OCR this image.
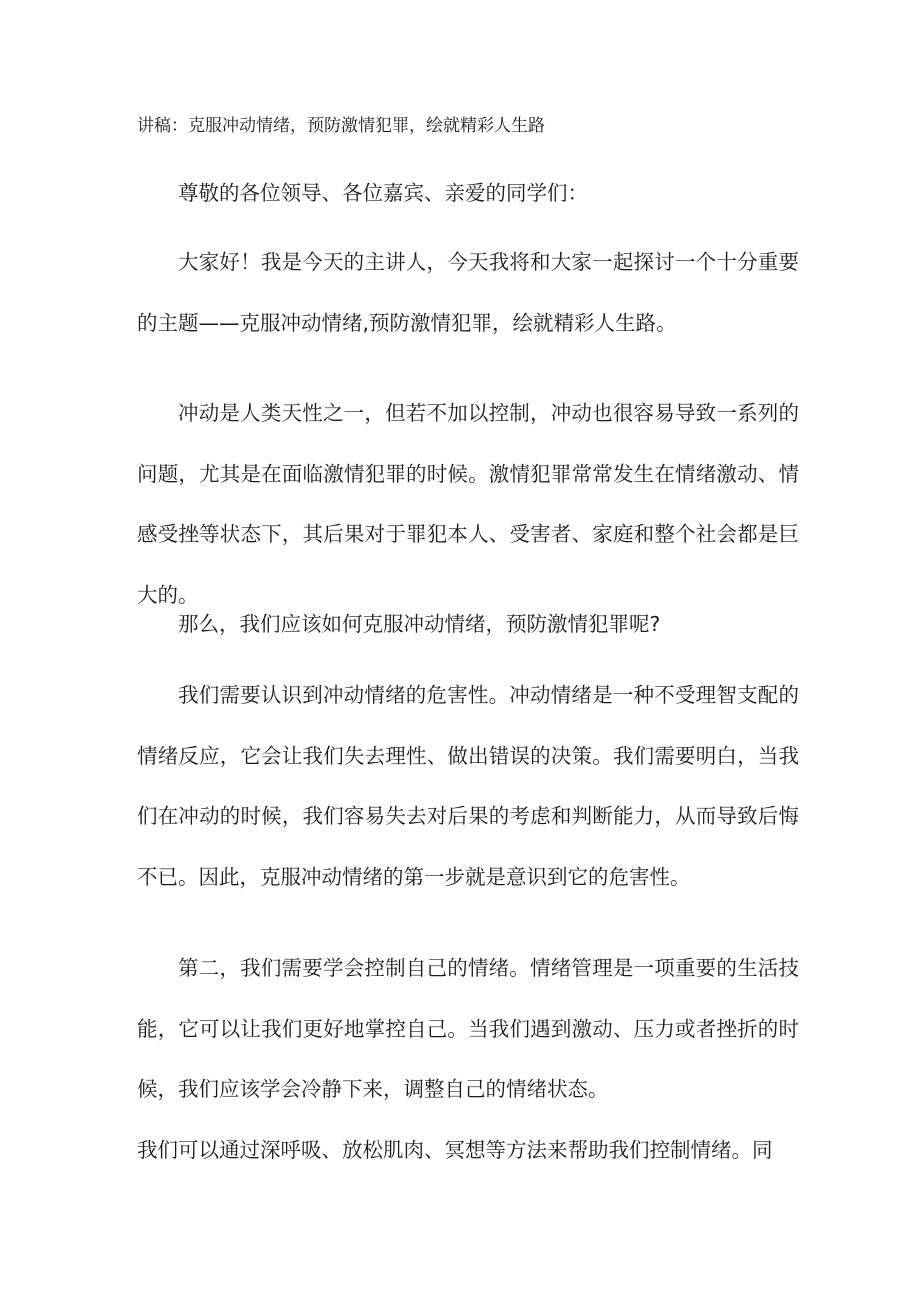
讲稿：克服冲动情绪，预防激情犯罪，绘就精彩人生路

尊敬的各位领导、各位嘉宾、亲爱的同学们：

大家好！我是今天的主讲人，今天我将和大家一起探讨一个十分重要的主题——克服冲动情绪,预防激情犯罪，绘就精彩人生路。

冲动是人类天性之一，但若不加以控制，冲动也很容易导致一系列的问题，尤其是在面临激情犯罪的时候。激情犯罪常常发生在情绪激动、情感受挫等状态下，其后果对于罪犯本人、受害者、家庭和整个社会都是巨大的。

那么，我们应该如何克服冲动情绪，预防激情犯罪呢?

我们需要认识到冲动情绪的危害性。冲动情绪是一种不受理智支配的情绪反应，它会让我们失去理性、做出错误的决策。我们需要明白，当我们在冲动的时候，我们容易失去对后果的考虑和判断能力，从而导致后悔不已。因此，克服冲动情绪的第一步就是意识到它的危害性。

第二，我们需要学会控制自己的情绪。情绪管理是一项重要的生活技能，它可以让我们更好地掌控自己。当我们遇到激动、压力或者挫折的时候，我们应该学会冷静下来，调整自己的情绪状态。

我们可以通过深呼吸、放松肌肉、冥想等方法来帮助我们控制情绪。同
